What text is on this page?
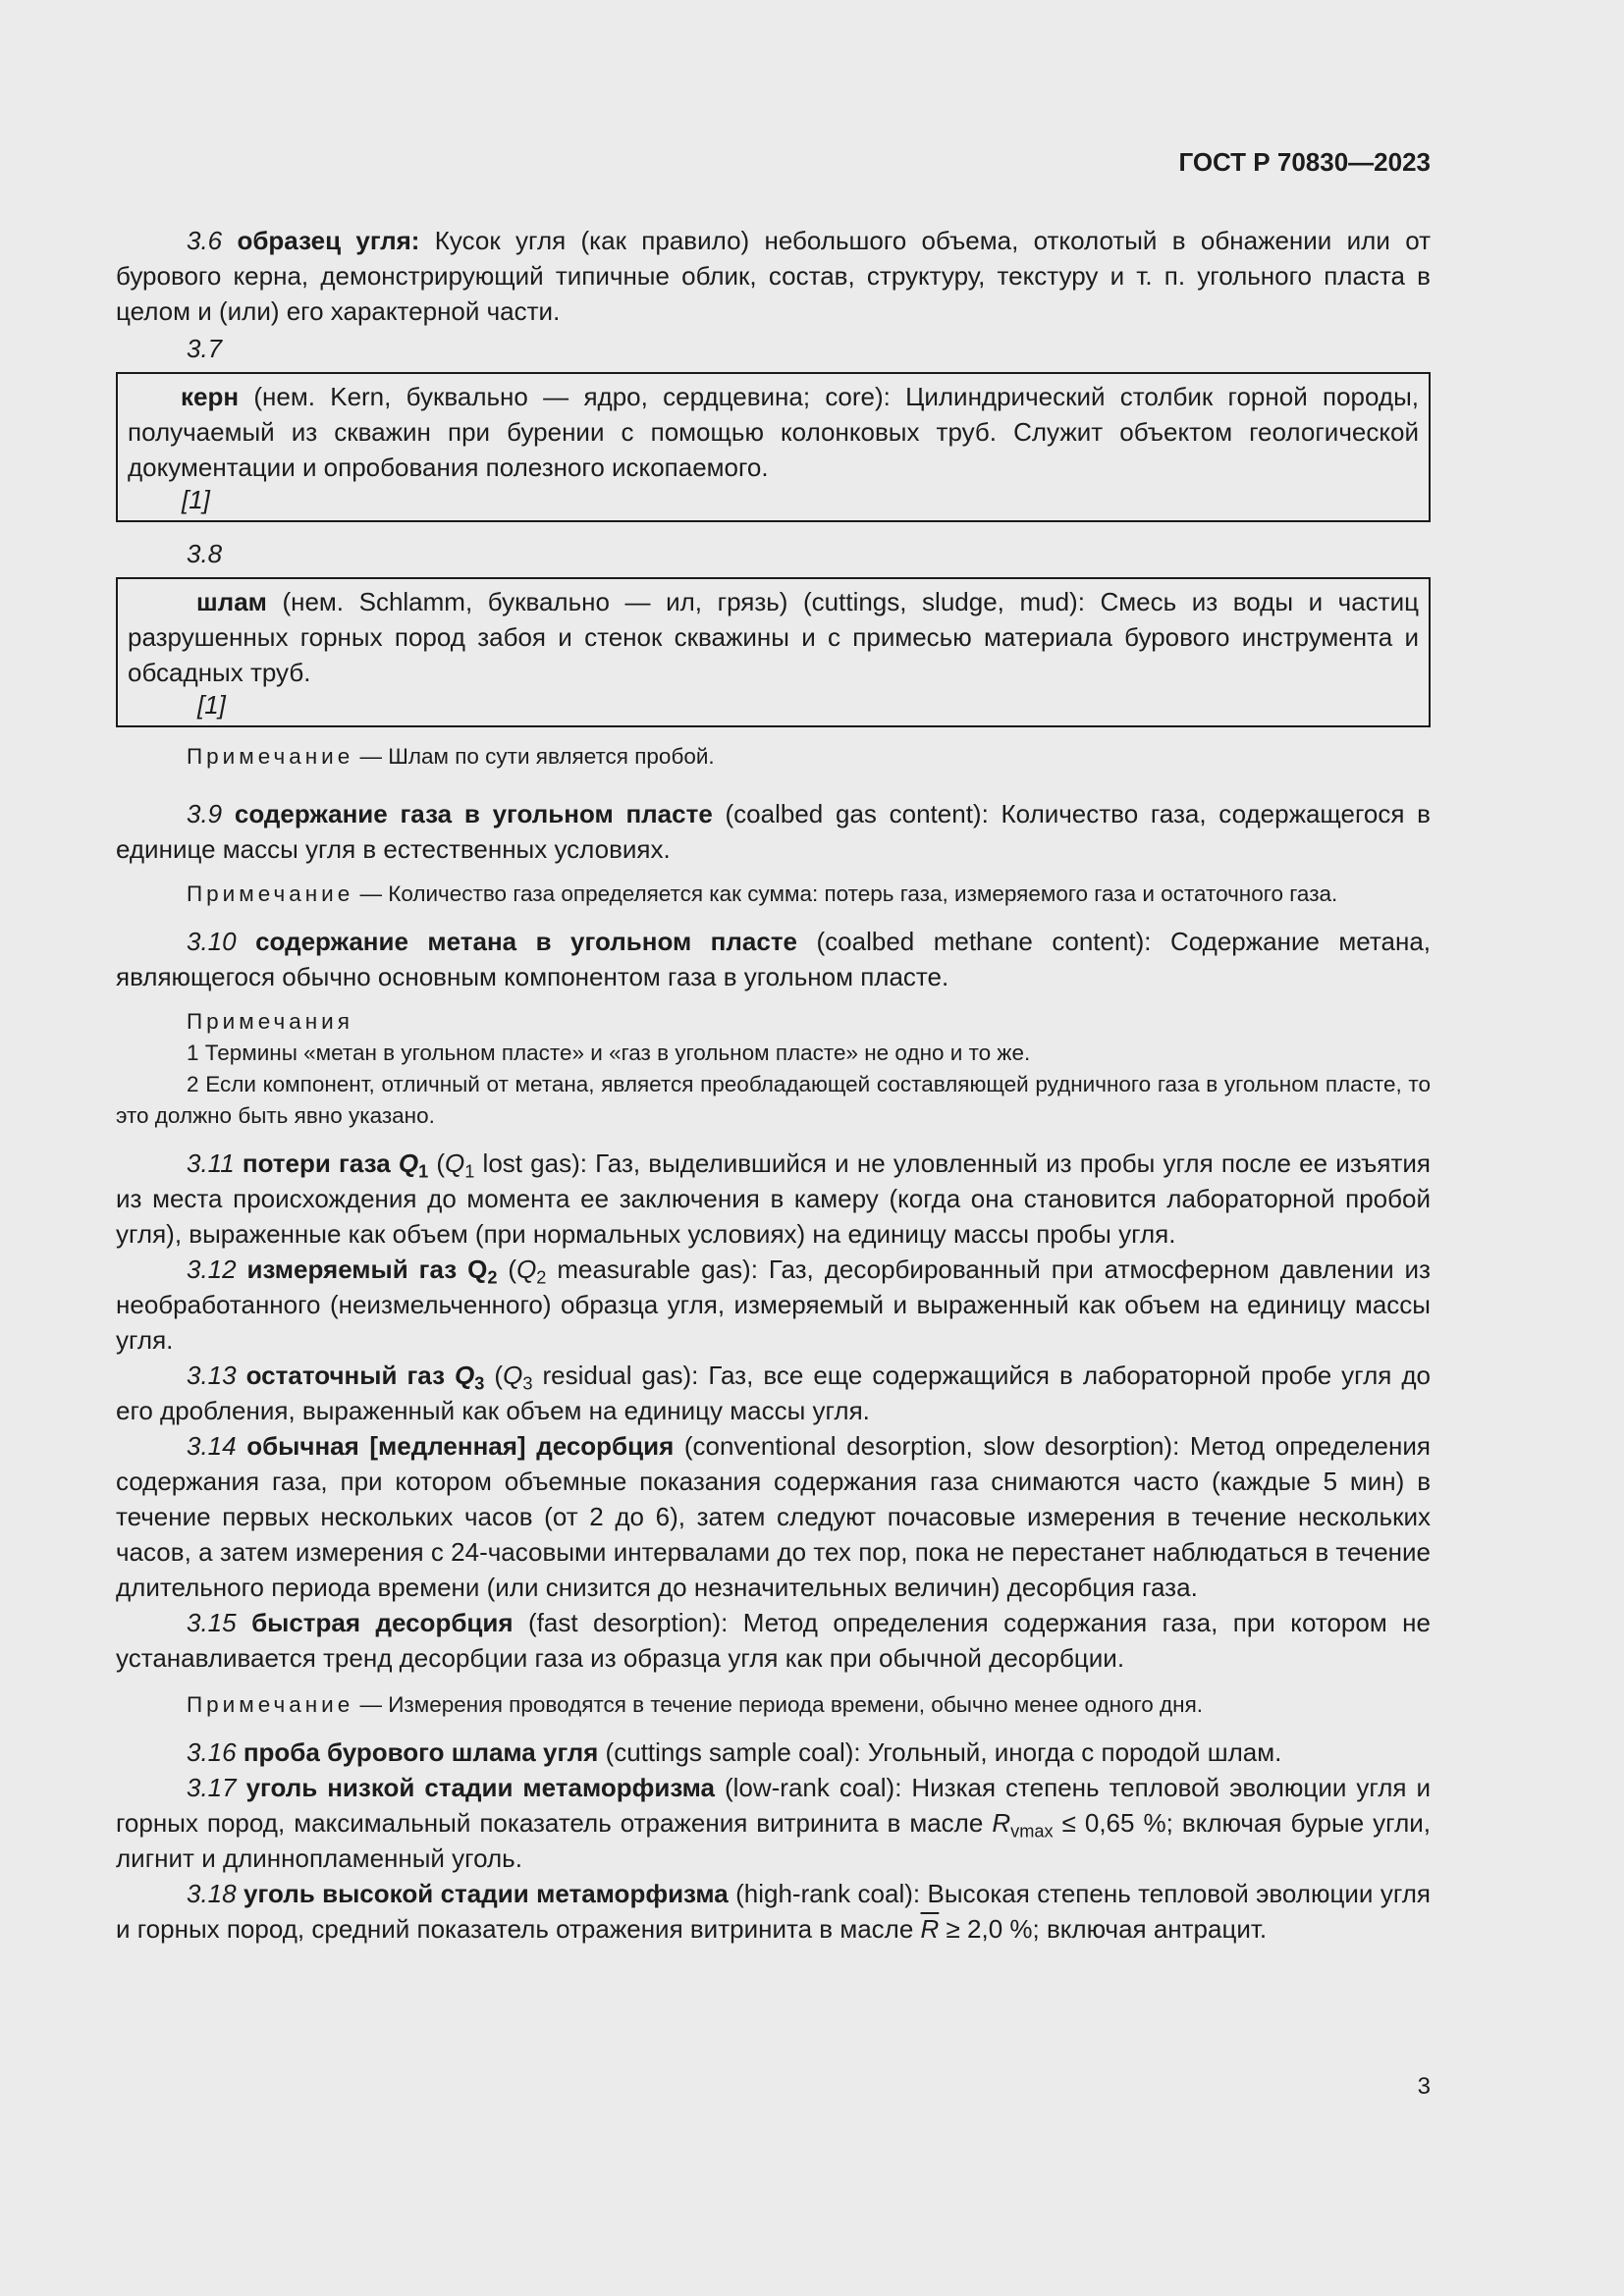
ГОСТ Р 70830—2023

3.6 образец угля: Кусок угля (как правило) небольшого объема, отколотый в обнажении или от бурового керна, демонстрирующий типичные облик, состав, структуру, текстуру и т. п. угольного пласта в целом и (или) его характерной части.

3.7

керн (нем. Kern, буквально — ядро, сердцевина; core): Цилиндрический столбик горной породы, получаемый из скважин при бурении с помощью колонковых труб. Служит объектом геологической документации и опробования полезного ископаемого.

[1]

3.8

шлам (нем. Schlamm, буквально — ил, грязь) (cuttings, sludge, mud): Смесь из воды и частиц разрушенных горных пород забоя и стенок скважины и с примесью материала бурового инструмента и обсадных труб.

[1]

Примечание — Шлам по сути является пробой.

3.9 содержание газа в угольном пласте (coalbed gas content): Количество газа, содержащегося в единице массы угля в естественных условиях.

Примечание — Количество газа определяется как сумма: потерь газа, измеряемого газа и остаточного газа.

3.10 содержание метана в угольном пласте (coalbed methane content): Содержание метана, являющегося обычно основным компонентом газа в угольном пласте.

Примечания

1 Термины «метан в угольном пласте» и «газ в угольном пласте» не одно и то же.

2 Если компонент, отличный от метана, является преобладающей составляющей рудничного газа в угольном пласте, то это должно быть явно указано.

3.11 потери газа $Q_1$ ($Q_1$ lost gas): Газ, выделившийся и не уловленный из пробы угля после ее изъятия из места происхождения до момента ее заключения в камеру (когда она становится лабораторной пробой угля), выраженные как объем (при нормальных условиях) на единицу массы пробы угля.

3.12 измеряемый газ $Q_2$ ($Q_2$ measurable gas): Газ, десорбированный при атмосферном давлении из необработанного (неизмельченного) образца угля, измеряемый и выраженный как объем на единицу массы угля.

3.13 остаточный газ $Q_3$ ($Q_3$ residual gas): Газ, все еще содержащийся в лабораторной пробе угля до его дробления, выраженный как объем на единицу массы угля.

3.14 обычная [медленная] десорбция (conventional desorption, slow desorption): Метод определения содержания газа, при котором объемные показания содержания газа снимаются часто (каждые 5 мин) в течение первых нескольких часов (от 2 до 6), затем следуют почасовые измерения в течение нескольких часов, а затем измерения с 24-часовыми интервалами до тех пор, пока не перестанет наблюдаться в течение длительного периода времени (или снизится до незначительных величин) десорбция газа.

3.15 быстрая десорбция (fast desorption): Метод определения содержания газа, при котором не устанавливается тренд десорбции газа из образца угля как при обычной десорбции.

Примечание — Измерения проводятся в течение периода времени, обычно менее одного дня.

3.16 проба бурового шлама угля (cuttings sample coal): Угольный, иногда с породой шлам.

3.17 уголь низкой стадии метаморфизма (low-rank coal): Низкая степень тепловой эволюции угля и горных пород, максимальный показатель отражения витринита в масле $R_{vmax} \le 0,65$ %; включая бурые угли, лигнит и длиннопламенный уголь.

3.18 уголь высокой стадии метаморфизма (high-rank coal): Высокая степень тепловой эволюции угля и горных пород, средний показатель отражения витринита в масле $\overline{R} \ge 2,0$ %; включая антрацит.

3
